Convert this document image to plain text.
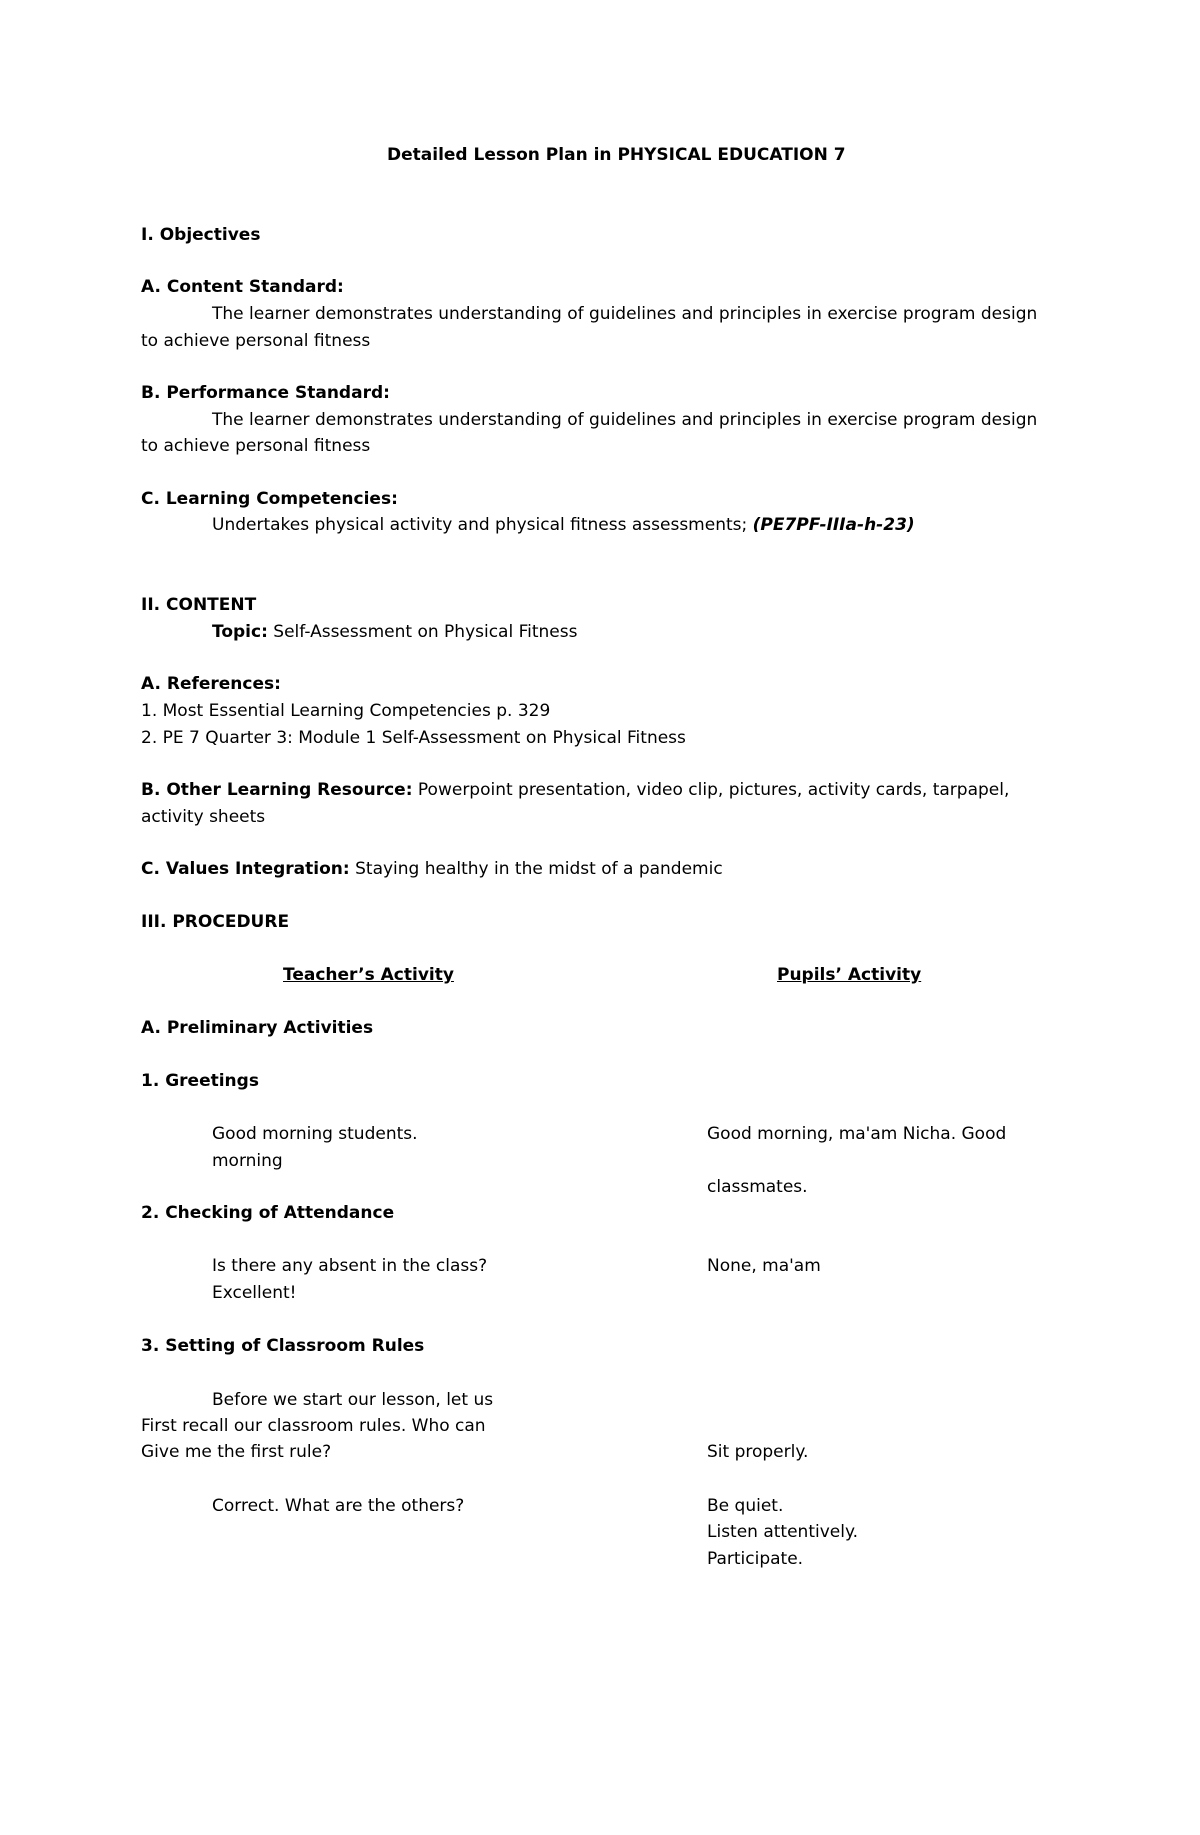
Detailed Lesson Plan in PHYSICAL EDUCATION 7
I. Objectives
A. Content Standard:
The learner demonstrates understanding of guidelines and principles in exercise program design
to achieve personal fitness
B. Performance Standard:
The learner demonstrates understanding of guidelines and principles in exercise program design
to achieve personal fitness
C. Learning Competencies:
Undertakes physical activity and physical fitness assessments; (PE7PF-IIIa-h-23)
II. CONTENT
Topic: Self-Assessment on Physical Fitness
A. References:
1. Most Essential Learning Competencies p. 329
2. PE 7 Quarter 3: Module 1 Self-Assessment on Physical Fitness
B. Other Learning Resource: Powerpoint presentation, video clip, pictures, activity cards, tarpapel,
activity sheets
C. Values Integration: Staying healthy in the midst of a pandemic
III. PROCEDURE
Teacher’s Activity	Pupils’ Activity
A. Preliminary Activities
1. Greetings
Good morning students.	Good morning, ma'am Nicha. Good
morning
classmates.
2. Checking of Attendance
Is there any absent in the class?	None, ma'am
Excellent!
3. Setting of Classroom Rules
Before we start our lesson, let us
First recall our classroom rules. Who can
Give me the first rule?	Sit properly.
Correct. What are the others?	Be quiet.
Listen attentively.
Participate.
